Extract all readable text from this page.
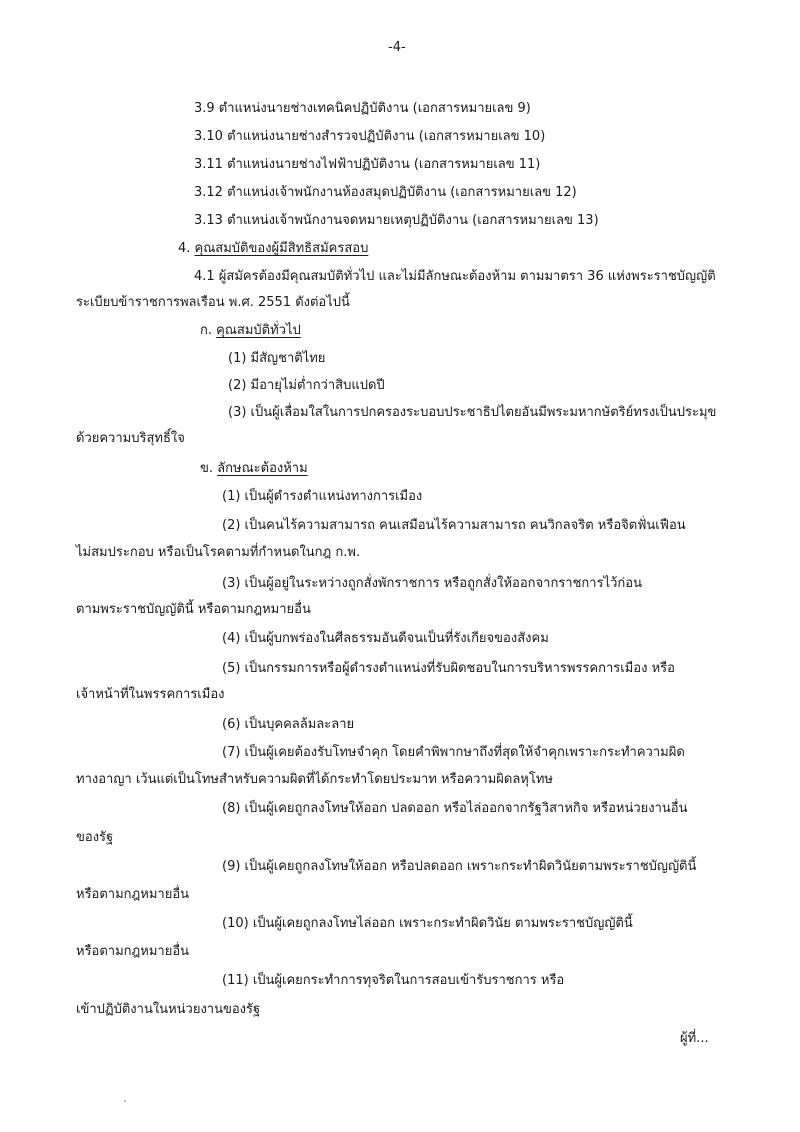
-4-
3.9 ตำแหน่งนายช่างเทคนิคปฏิบัติงาน (เอกสารหมายเลข 9)
3.10 ตำแหน่งนายช่างสำรวจปฏิบัติงาน (เอกสารหมายเลข 10)
3.11 ตำแหน่งนายช่างไฟฟ้าปฏิบัติงาน (เอกสารหมายเลข 11)
3.12 ตำแหน่งเจ้าพนักงานห้องสมุดปฏิบัติงาน (เอกสารหมายเลข 12)
3.13 ตำแหน่งเจ้าพนักงานจดหมายเหตุปฏิบัติงาน (เอกสารหมายเลข 13)
4. คุณสมบัติของผู้มีสิทธิสมัครสอบ
4.1 ผู้สมัครต้องมีคุณสมบัติทั่วไป และไม่มีลักษณะต้องห้าม ตามมาตรา 36 แห่งพระราชบัญญัติ
ระเบียบข้าราชการพลเรือน พ.ศ. 2551 ดังต่อไปนี้
ก. คุณสมบัติทั่วไป
(1) มีสัญชาติไทย
(2) มีอายุไม่ต่ำกว่าสิบแปดปี
(3) เป็นผู้เลื่อมใสในการปกครองระบอบประชาธิปไตยอันมีพระมหากษัตริย์ทรงเป็นประมุข
ด้วยความบริสุทธิ์ใจ
ข. ลักษณะต้องห้าม
(1) เป็นผู้ดำรงตำแหน่งทางการเมือง
(2) เป็นคนไร้ความสามารถ คนเสมือนไร้ความสามารถ คนวิกลจริต หรือจิตฟั่นเฟือน
ไม่สมประกอบ หรือเป็นโรคตามที่กำหนดในกฎ ก.พ.
(3) เป็นผู้อยู่ในระหว่างถูกสั่งพักราชการ หรือถูกสั่งให้ออกจากราชการไว้ก่อน
ตามพระราชบัญญัตินี้ หรือตามกฎหมายอื่น
(4) เป็นผู้บกพร่องในศีลธรรมอันดีจนเป็นที่รังเกียจของสังคม
(5) เป็นกรรมการหรือผู้ดำรงตำแหน่งที่รับผิดชอบในการบริหารพรรคการเมือง หรือ
เจ้าหน้าที่ในพรรคการเมือง
(6) เป็นบุคคลล้มละลาย
(7) เป็นผู้เคยต้องรับโทษจำคุก โดยคำพิพากษาถึงที่สุดให้จำคุกเพราะกระทำความผิด
ทางอาญา เว้นแต่เป็นโทษสำหรับความผิดที่ได้กระทำโดยประมาท หรือความผิดลหุโทษ
(8) เป็นผู้เคยถูกลงโทษให้ออก ปลดออก หรือไล่ออกจากรัฐวิสาหกิจ หรือหน่วยงานอื่น
ของรัฐ
(9) เป็นผู้เคยถูกลงโทษให้ออก หรือปลดออก เพราะกระทำผิดวินัยตามพระราชบัญญัตินี้
หรือตามกฎหมายอื่น
(10) เป็นผู้เคยถูกลงโทษไล่ออก เพราะกระทำผิดวินัย ตามพระราชบัญญัตินี้
หรือตามกฎหมายอื่น
(11) เป็นผู้เคยกระทำการทุจริตในการสอบเข้ารับราชการ หรือ
เข้าปฏิบัติงานในหน่วยงานของรัฐ
ผู้ที่...
